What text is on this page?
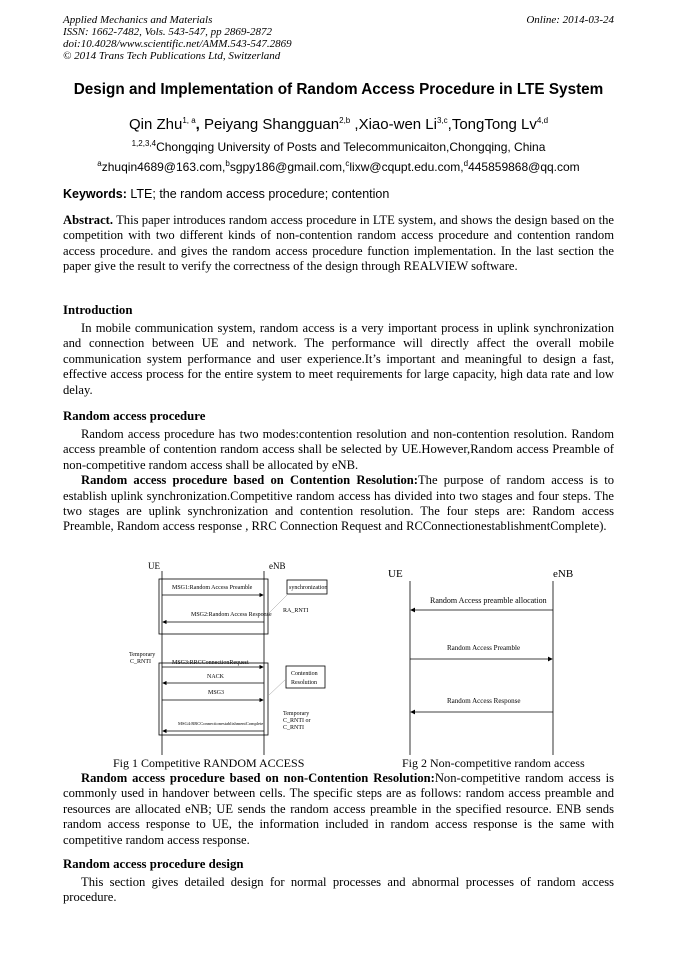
Applied Mechanics and Materials
ISSN: 1662-7482, Vols. 543-547, pp 2869-2872
doi:10.4028/www.scientific.net/AMM.543-547.2869
© 2014 Trans Tech Publications Ltd, Switzerland
Online: 2014-03-24
Design and Implementation of Random Access Procedure in LTE System
Qin Zhu$^{1, a}$, Peiyang Shangguan$^{2,b}$ ,Xiao-wen Li$^{3,c}$,TongTong Lv$^{4,d}$
$^{1,2,3,4}$Chongqing University of Posts and Telecommunicaiton,Chongqing, China
$^a$zhuqin4689@163.com,$^b$sgpy186@gmail.com,$^c$lixw@cqupt.edu.com,$^d$445859868@qq.com
Keywords: LTE; the random access procedure; contention

Abstract. This paper introduces random access procedure in LTE system, and shows the design based on the competition with two different kinds of non-contention random access procedure and contention random access procedure. and gives the random access procedure function implementation. In the last section the paper give the result to verify the correctness of the design through REALVIEW software.

Introduction

In mobile communication system, random access is a very important process in uplink synchronization and connection between UE and network. The performance will directly affect the overall mobile communication system performance and user experience.It’s important and meaningful to design a fast, effective access process for the entire system to meet requirements for large capacity, high data rate and low delay.

Random access procedure

Random access procedure has two modes:contention resolution and non-contention resolution. Random access preamble of contention random access shall be selected by UE.However,Random access Preamble of non-competitive random access shall be allocated by eNB.

Random access procedure based on Contention Resolution:The purpose of random access is to establish uplink synchronization.Competitive random access has divided into two stages and four steps. The two stages are uplink synchronization and contention resolution. The four steps are: Random access Preamble, Random access response , RRC Connection Request and RCConnectionestablishmentComplete).

UE	eNB
MSG1:Random Access Preamble
MSG2:Random Access Response
synchronization
RA_RNTI
Temporary
C_RNTI	MSG3:RRCConnectionRequest
NACK
MSG3
MSG4:RRCConnectionestablishmentComplete
Contention
Resolution
Temporary
C_RNTI or
C_RNTI
UE	eNB
Random Access preamble allocation
Random Access Preamble
Random Access Response
Fig 1 Competitive RANDOM ACCESS	Fig 2 Non-competitive random access

Random access procedure based on non-Contention Resolution:Non-competitive random access is commonly used in handover between cells. The specific steps are as follows: random access preamble and resources are allocated eNB; UE sends the random access preamble in the specified resource. ENB sends random access response to UE, the information included in random access response is the same with competitive random access response.

Random access procedure design

This section gives detailed design for normal processes and abnormal processes of random access procedure.
